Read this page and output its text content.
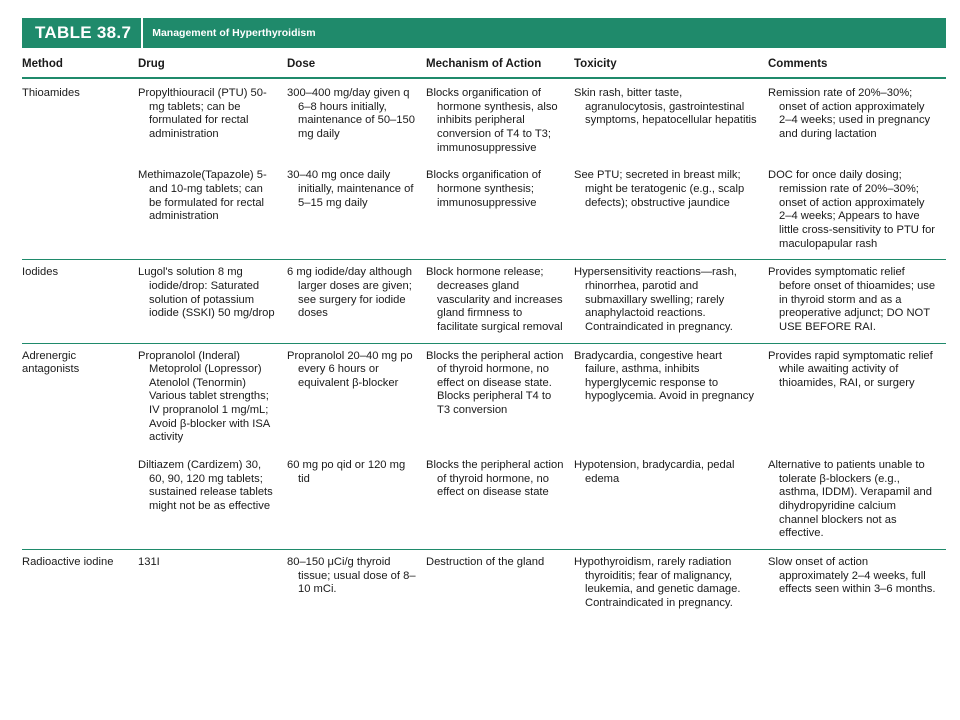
TABLE 38.7	Management of Hyperthyroidism
Method	Drug	Dose	Mechanism of Action	Toxicity	Comments
Thioamides	Propylthiouracil (PTU) 50-mg tablets; can be formulated for rectal administration	300–400 mg/day given q 6–8 hours initially, maintenance of 50–150 mg daily	Blocks organification of hormone synthesis, also inhibits peripheral conversion of T4 to T3; immunosuppressive	Skin rash, bitter taste, agranulocytosis, gastrointestinal symptoms, hepatocellular hepatitis	Remission rate of 20%–30%; onset of action approximately 2–4 weeks; used in pregnancy and during lactation
	Methimazole(Tapazole) 5- and 10-mg tablets; can be formulated for rectal administration	30–40 mg once daily initially, maintenance of 5–15 mg daily	Blocks organification of hormone synthesis; immunosuppressive	See PTU; secreted in breast milk; might be teratogenic (e.g., scalp defects); obstructive jaundice	DOC for once daily dosing; remission rate of 20%–30%; onset of action approximately 2–4 weeks; Appears to have little cross-sensitivity to PTU for maculopapular rash
Iodides	Lugol's solution 8 mg iodide/drop: Saturated solution of potassium iodide (SSKI) 50 mg/drop	6 mg iodide/day although larger doses are given; see surgery for iodide doses	Block hormone release; decreases gland vascularity and increases gland firmness to facilitate surgical removal	Hypersensitivity reactions—rash, rhinorrhea, parotid and submaxillary swelling; rarely anaphylactoid reactions. Contraindicated in pregnancy.	Provides symptomatic relief before onset of thioamides; use in thyroid storm and as a preoperative adjunct; DO NOT USE BEFORE RAI.
Adrenergic antagonists	Propranolol (Inderal) Metoprolol (Lopressor) Atenolol (Tenormin) Various tablet strengths; IV propranolol 1 mg/mL; Avoid β-blocker with ISA activity	Propranolol 20–40 mg po every 6 hours or equivalent β-blocker	Blocks the peripheral action of thyroid hormone, no effect on disease state. Blocks peripheral T4 to T3 conversion	Bradycardia, congestive heart failure, asthma, inhibits hyperglycemic response to hypoglycemia. Avoid in pregnancy	Provides rapid symptomatic relief while awaiting activity of thioamides, RAI, or surgery
	Diltiazem (Cardizem) 30, 60, 90, 120 mg tablets; sustained release tablets might not be as effective	60 mg po qid or 120 mg tid	Blocks the peripheral action of thyroid hormone, no effect on disease state	Hypotension, bradycardia, pedal edema	Alternative to patients unable to tolerate β-blockers (e.g., asthma, IDDM). Verapamil and dihydropyridine calcium channel blockers not as effective.
Radioactive iodine	131I	80–150 μCi/g thyroid tissue; usual dose of 8–10 mCi.	Destruction of the gland	Hypothyroidism, rarely radiation thyroiditis; fear of malignancy, leukemia, and genetic damage. Contraindicated in pregnancy.	Slow onset of action approximately 2–4 weeks, full effects seen within 3–6 months.
